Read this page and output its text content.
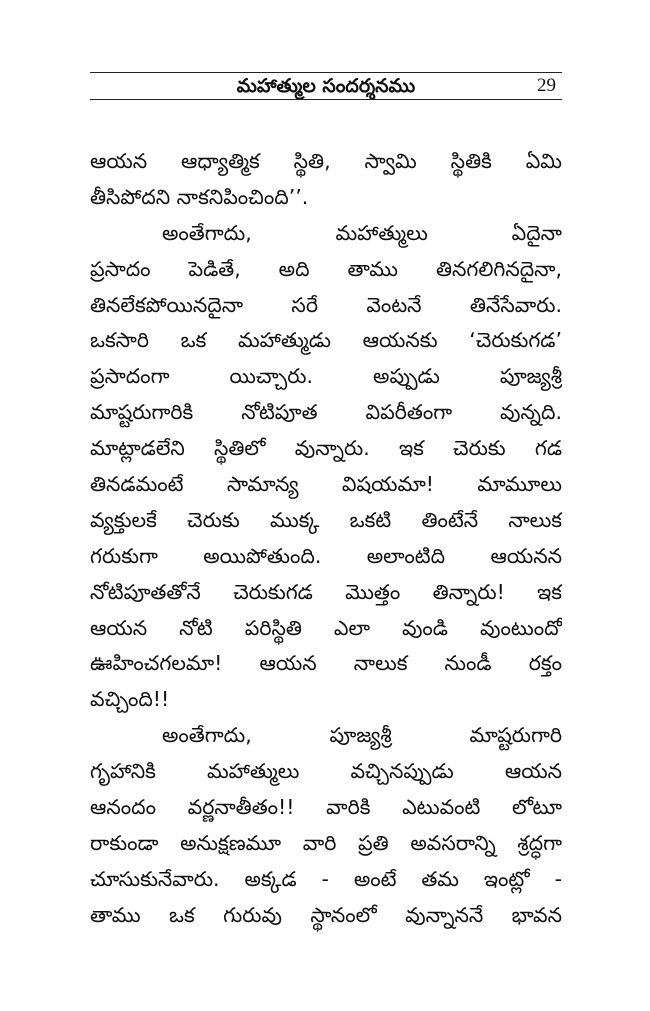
మహాత్ముల సందర్శనము	29
ఆయన ఆధ్యాత్మిక స్థితి, స్వామి స్థితికి ఏమి
తీసిపోదని నాకనిపించింది’’.
అంతేగాదు, మహాత్ములు ఏదైనా
ప్రసాదం పెడితే, అది తాము తినగలిగినదైనా,
తినలేకపోయినదైనా సరే వెంటనే తినేసేవారు.
ఒకసారి ఒక మహాత్ముడు ఆయనకు ‘చెరుకుగడ’
ప్రసాదంగా యిచ్చారు. అప్పుడు పూజ్యశ్రీ
మాష్టరుగారికి నోటిపూత విపరీతంగా వున్నది.
మాట్లాడలేని స్థితిలో వున్నారు. ఇక చెరుకు గడ
తినడమంటే సామాన్య విషయమా! మామూలు
వ్యక్తులకే చెరుకు ముక్క ఒకటి తింటేనే నాలుక
గరుకుగా అయిపోతుంది. అలాంటిది ఆయనన
నోటిపూతతోనే చెరుకుగడ మొత్తం తిన్నారు! ఇక
ఆయన నోటి పరిస్థితి ఎలా వుండి వుంటుందో
ఊహించగలమా! ఆయన నాలుక నుండీ రక్తం
వచ్చింది!!
అంతేగాదు, పూజ్యశ్రీ మాష్టరుగారి
గృహానికి మహాత్ములు వచ్చినప్పుడు ఆయన
ఆనందం వర్ణనాతీతం!! వారికి ఎటువంటి లోటూ
రాకుండా అనుక్షణమూ వారి ప్రతి అవసరాన్ని శ్రద్ధగా
చూసుకునేవారు. అక్కడ - అంటే తమ ఇంట్లో -
తాము ఒక గురువు స్థానంలో వున్నాననే భావన
